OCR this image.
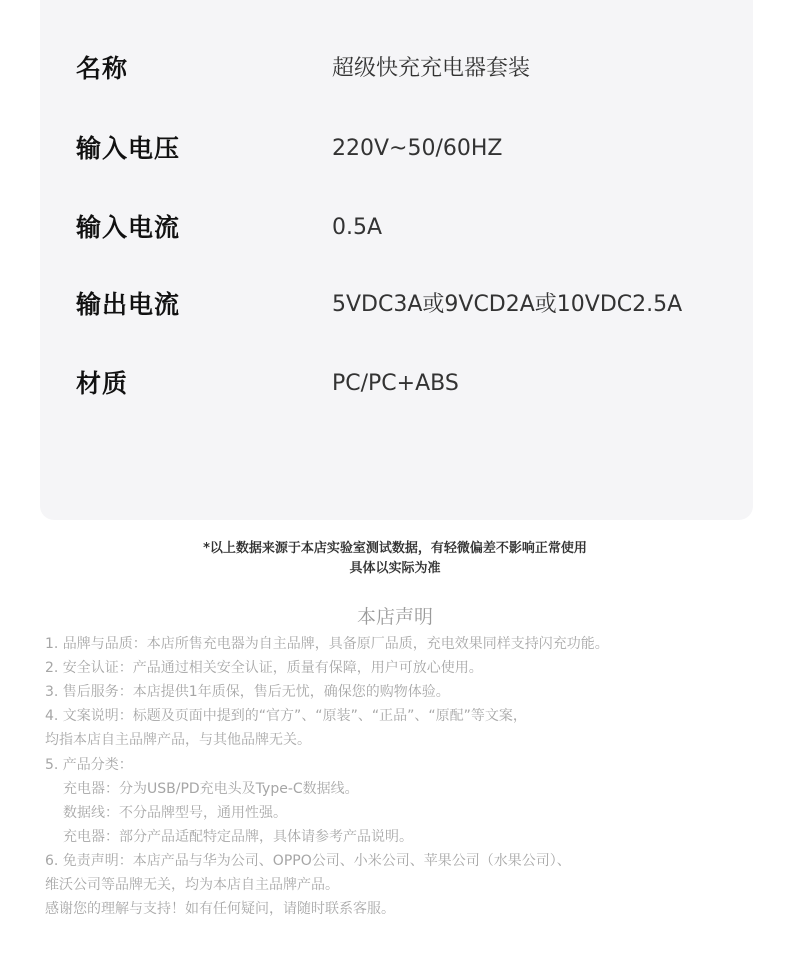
名称	超级快充充电器套装
输入电压	220V~50/60HZ
输入电流	0.5A
输出电流	5VDC3A或9VCD2A或10VDC2.5A
材质	PC/PC+ABS
*以上数据来源于本店实验室测试数据，有轻微偏差不影响正常使用
具体以实际为准
本店声明
1. 品牌与品质：本店所售充电器为自主品牌，具备原厂品质，充电效果同样支持闪充功能。
2. 安全认证：产品通过相关安全认证，质量有保障，用户可放心使用。
3. 售后服务：本店提供1年质保，售后无忧，确保您的购物体验。
4. 文案说明：标题及页面中提到的“官方”、“原装”、“正品”、“原配”等文案，
均指本店自主品牌产品，与其他品牌无关。
5. 产品分类：
充电器：分为USB/PD充电头及Type-C数据线。
数据线：不分品牌型号，通用性强。
充电器：部分产品适配特定品牌，具体请参考产品说明。
6. 免责声明：本店产品与华为公司、OPPO公司、小米公司、苹果公司（水果公司）、
维沃公司等品牌无关，均为本店自主品牌产品。
感谢您的理解与支持！如有任何疑问，请随时联系客服。
